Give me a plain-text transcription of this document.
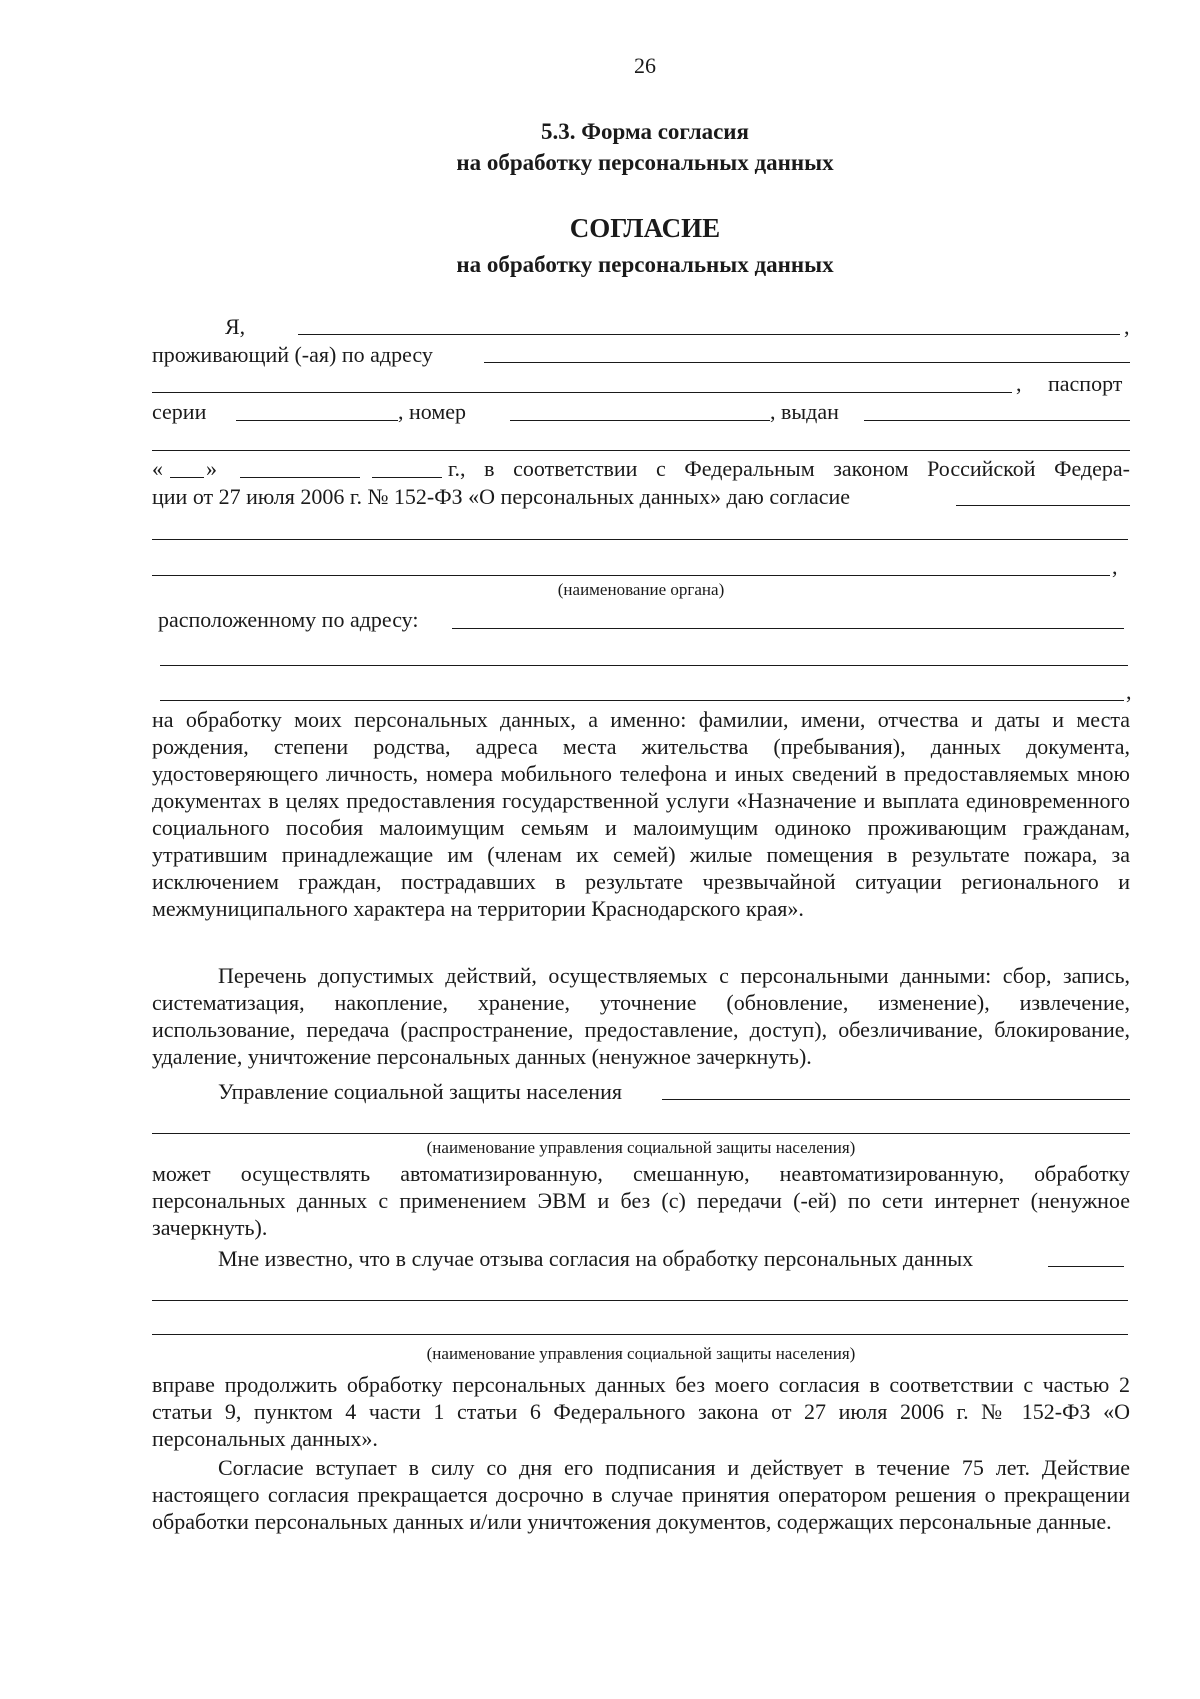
26
5.3. Форма согласия
на обработку персональных данных
СОГЛАСИЕ
на обработку персональных данных
Я,	,
проживающий (-ая) по адресу
, паспорт
серии	, номер	, выдан
« »	г., в соответствии с Федеральным законом Российской Федера-
ции от 27 июля 2006 г. № 152-ФЗ «О персональных данных» даю согласие
,
(наименование органа)
расположенному по адресу:
,

на обработку моих персональных данных, а именно: фамилии, имени, отчества и даты и места рождения, степени родства, адреса места жительства (пребывания), данных документа, удостоверяющего личность, номера мобильного телефона и иных сведений в предоставляемых мною документах в целях предоставления государственной услуги «Назначение и выплата единовременного социального пособия малоимущим семьям и малоимущим одиноко проживающим гражданам, утратившим принадлежащие им (членам их семей) жилые помещения в результате пожара, за исключением граждан, пострадавших в результате чрезвычайной ситуации регионального и межмуниципального характера на территории Краснодарского края».

Перечень допустимых действий, осуществляемых с персональными данными: сбор, запись, систематизация, накопление, хранение, уточнение (обновление, изменение), извлечение, использование, передача (распространение, предоставление, доступ), обезличивание, блокирование, удаление, уничтожение персональных данных (ненужное зачеркнуть).

Управление социальной защиты населения
(наименование управления социальной защиты населения)

может осуществлять автоматизированную, смешанную, неавтоматизированную, обработку персональных данных с применением ЭВМ и без (с) передачи (-ей) по сети интернет (ненужное зачеркнуть).

Мне известно, что в случае отзыва согласия на обработку персональных данных
(наименование управления социальной защиты населения)

вправе продолжить обработку персональных данных без моего согласия в соответствии с частью 2 статьи 9, пунктом 4 части 1 статьи 6 Федерального закона от 27 июля 2006 г. № 152-ФЗ «О персональных данных».

Согласие вступает в силу со дня его подписания и действует в течение 75 лет. Действие настоящего согласия прекращается досрочно в случае принятия оператором решения о прекращении обработки персональных данных и/или уничтожения документов, содержащих персональные данные.
